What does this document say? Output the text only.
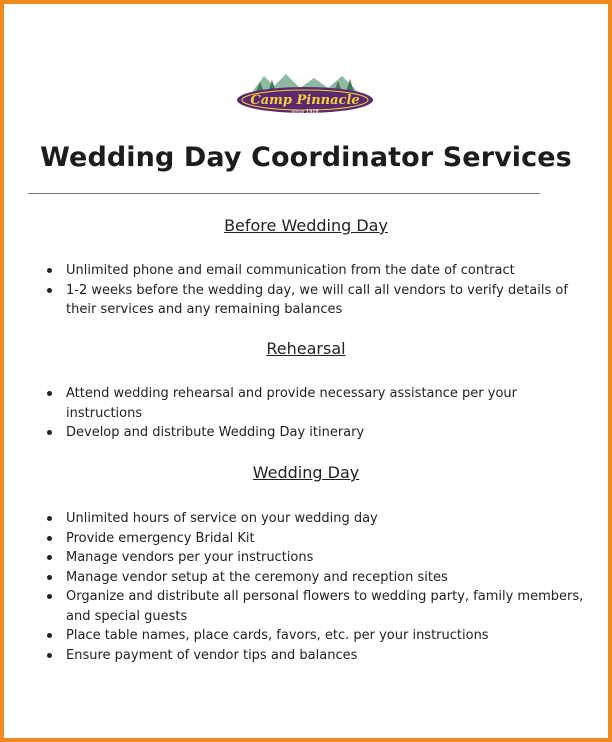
Camp Pinnacle
since 1928
Wedding Day Coordinator Services
Before Wedding Day
Unlimited phone and email communication from the date of contract
1-2 weeks before the wedding day, we will call all vendors to verify details of their services and any remaining balances
Rehearsal
Attend wedding rehearsal and provide necessary assistance per your instructions
Develop and distribute Wedding Day itinerary
Wedding Day
Unlimited hours of service on your wedding day
Provide emergency Bridal Kit
Manage vendors per your instructions
Manage vendor setup at the ceremony and reception sites
Organize and distribute all personal flowers to wedding party, family members, and special guests
Place table names, place cards, favors, etc. per your instructions
Ensure payment of vendor tips and balances
